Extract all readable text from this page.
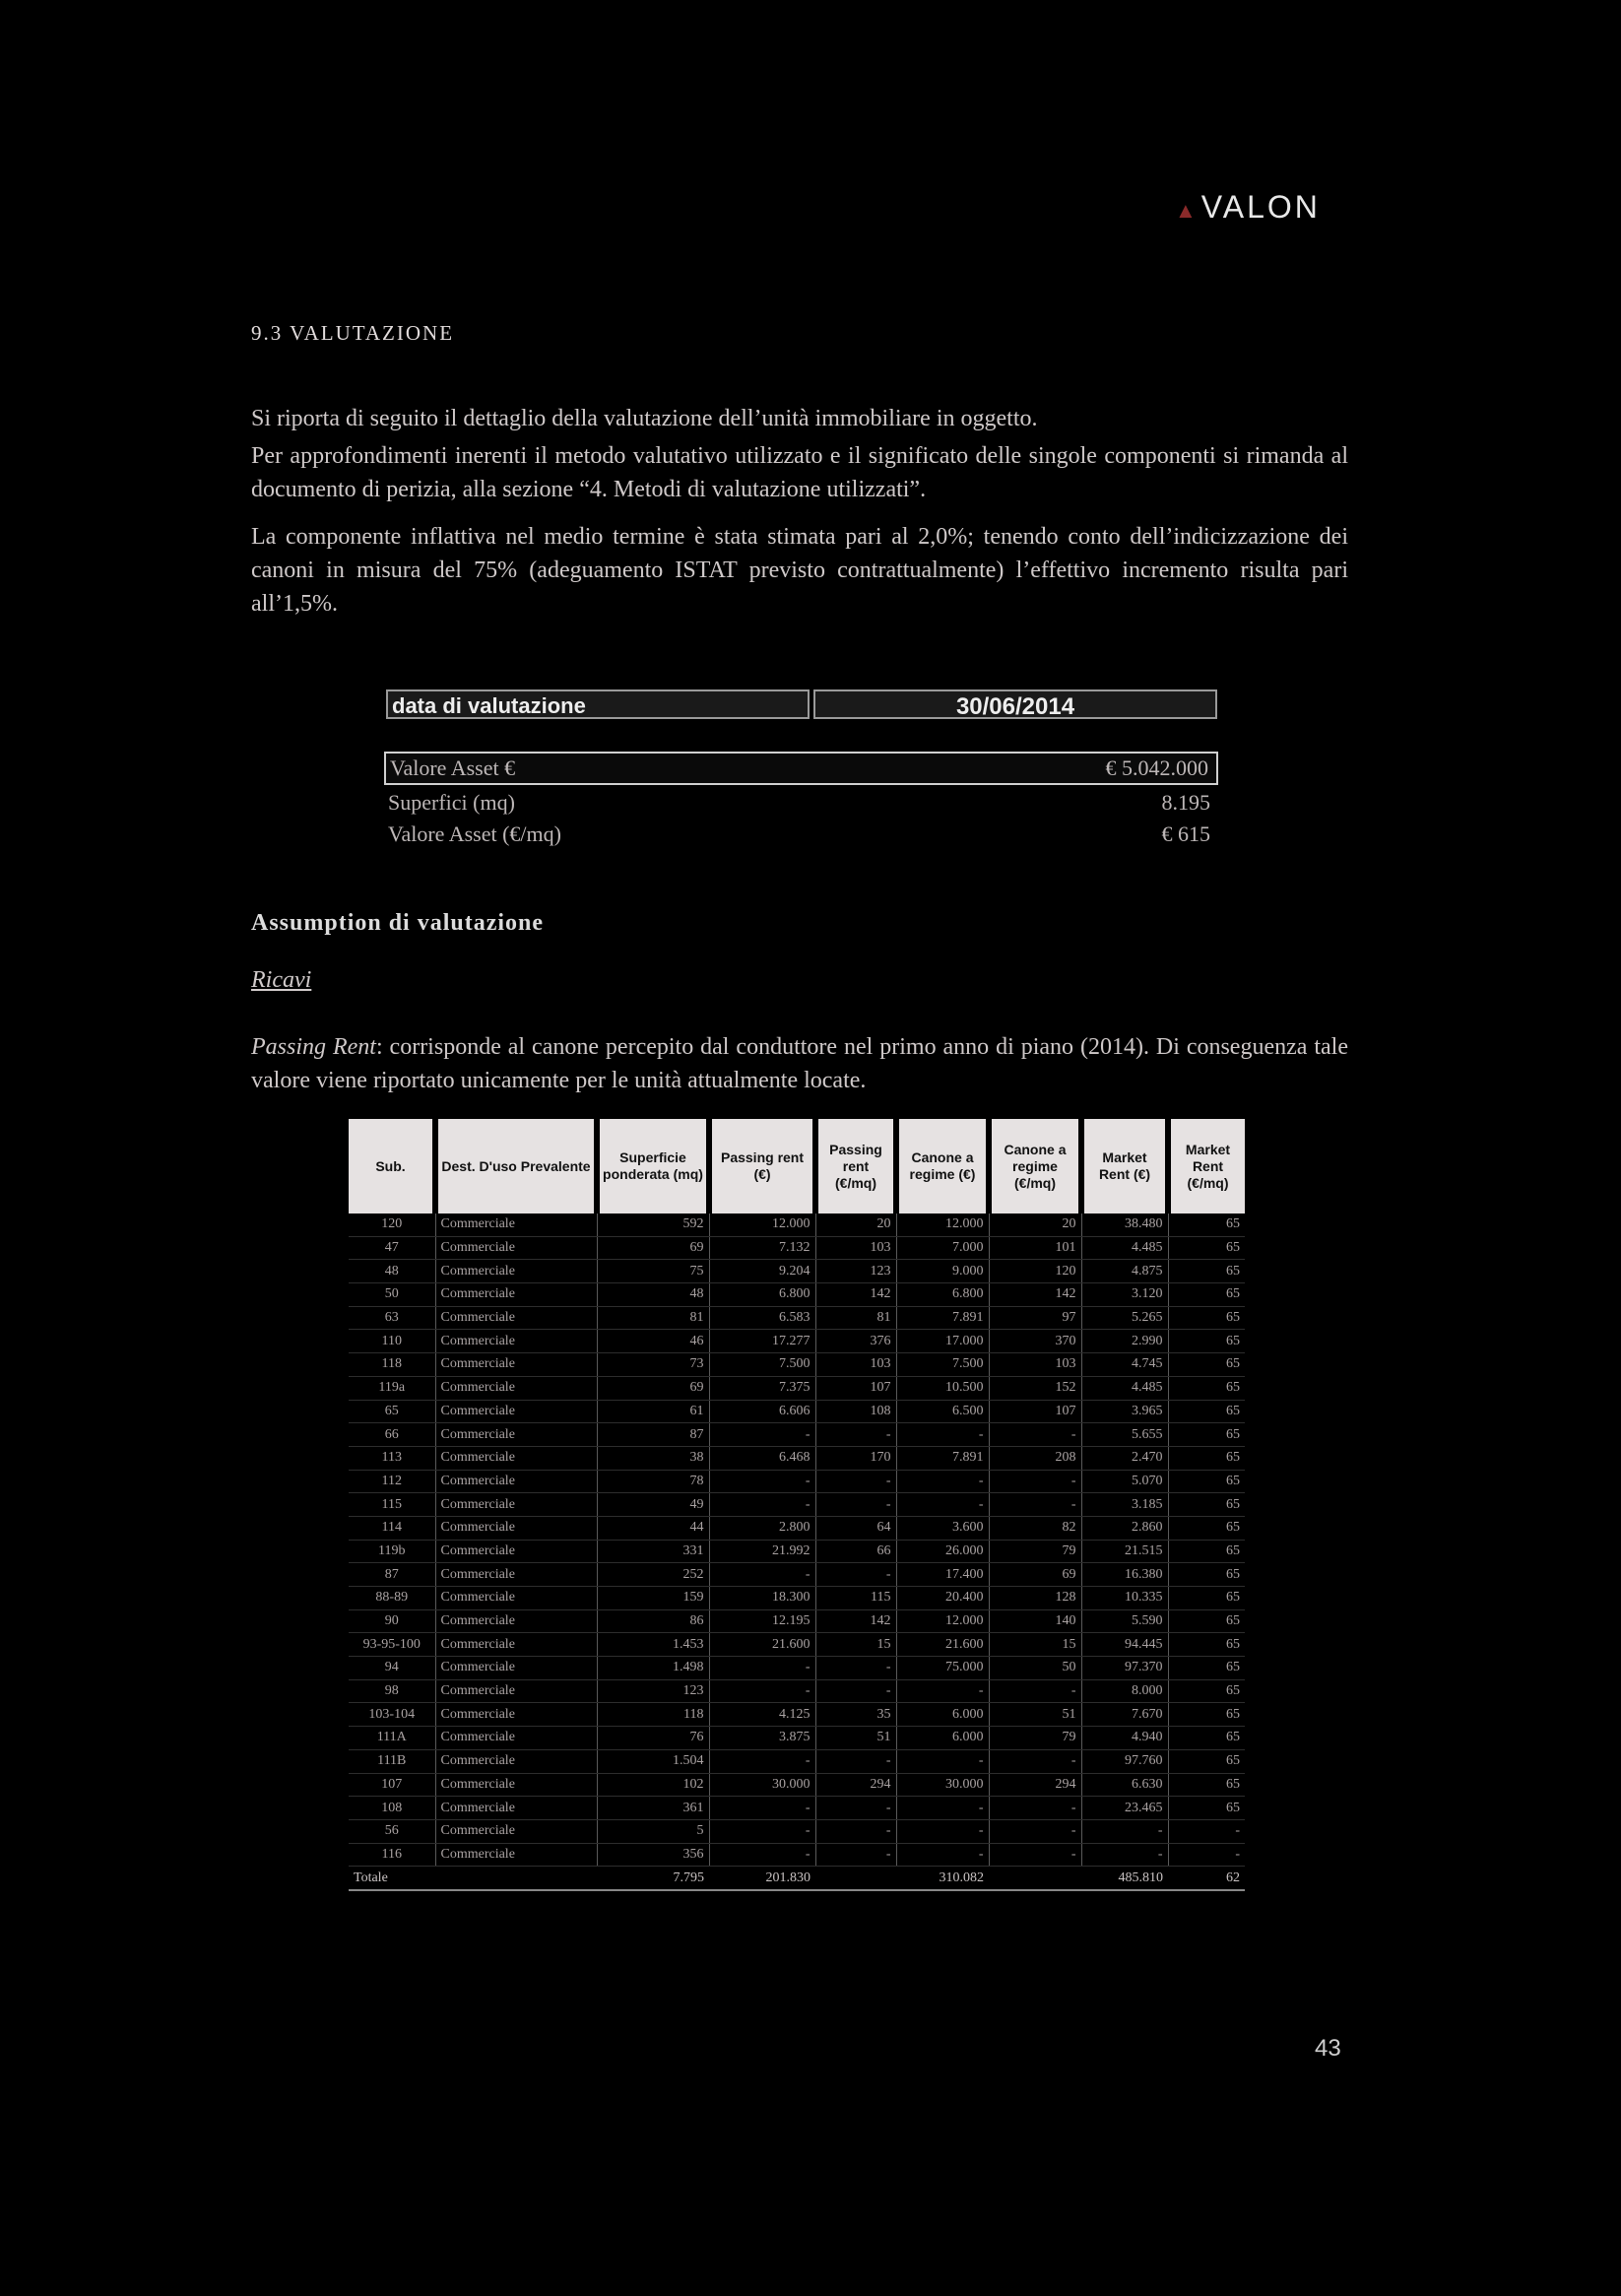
▲VALON
9.3 VALUTAZIONE
Si riporta di seguito il dettaglio della valutazione dell’unità immobiliare in oggetto.
Per approfondimenti inerenti il metodo valutativo utilizzato e il significato delle singole componenti si rimanda al documento di perizia, alla sezione “4. Metodi di valutazione utilizzati”.
La componente inflattiva nel medio termine è stata stimata pari al 2,0%; tenendo conto dell’indicizzazione dei canoni in misura del 75% (adeguamento ISTAT previsto contrattualmente) l’effettivo incremento risulta pari all’1,5%.
data di valutazione	30/06/2014
Valore Asset €	€ 5.042.000
Superfici (mq)	8.195
Valore Asset (€/mq)	€ 615
Assumption di valutazione
Ricavi
Passing Rent: corrisponde al canone percepito dal conduttore nel primo anno di piano (2014). Di conseguenza tale valore viene riportato unicamente per le unità attualmente locate.
Sub.	Dest. D'uso Prevalente	Superficie ponderata (mq)	Passing rent (€)	Passing rent (€/mq)	Canone a regime (€)	Canone a regime (€/mq)	Market Rent (€)	Market Rent (€/mq)
120	Commerciale	592	12.000	20	12.000	20	38.480	65
47	Commerciale	69	7.132	103	7.000	101	4.485	65
48	Commerciale	75	9.204	123	9.000	120	4.875	65
50	Commerciale	48	6.800	142	6.800	142	3.120	65
63	Commerciale	81	6.583	81	7.891	97	5.265	65
110	Commerciale	46	17.277	376	17.000	370	2.990	65
118	Commerciale	73	7.500	103	7.500	103	4.745	65
119a	Commerciale	69	7.375	107	10.500	152	4.485	65
65	Commerciale	61	6.606	108	6.500	107	3.965	65
66	Commerciale	87	-	-	-	-	5.655	65
113	Commerciale	38	6.468	170	7.891	208	2.470	65
112	Commerciale	78	-	-	-	-	5.070	65
115	Commerciale	49	-	-	-	-	3.185	65
114	Commerciale	44	2.800	64	3.600	82	2.860	65
119b	Commerciale	331	21.992	66	26.000	79	21.515	65
87	Commerciale	252	-	-	17.400	69	16.380	65
88-89	Commerciale	159	18.300	115	20.400	128	10.335	65
90	Commerciale	86	12.195	142	12.000	140	5.590	65
93-95-100	Commerciale	1.453	21.600	15	21.600	15	94.445	65
94	Commerciale	1.498	-	-	75.000	50	97.370	65
98	Commerciale	123	-	-	-	-	8.000	65
103-104	Commerciale	118	4.125	35	6.000	51	7.670	65
111A	Commerciale	76	3.875	51	6.000	79	4.940	65
111B	Commerciale	1.504	-	-	-	-	97.760	65
107	Commerciale	102	30.000	294	30.000	294	6.630	65
108	Commerciale	361	-	-	-	-	23.465	65
56	Commerciale	5	-	-	-	-	-	-
116	Commerciale	356	-	-	-	-	-	-
Totale		7.795	201.830		310.082		485.810	62
43
